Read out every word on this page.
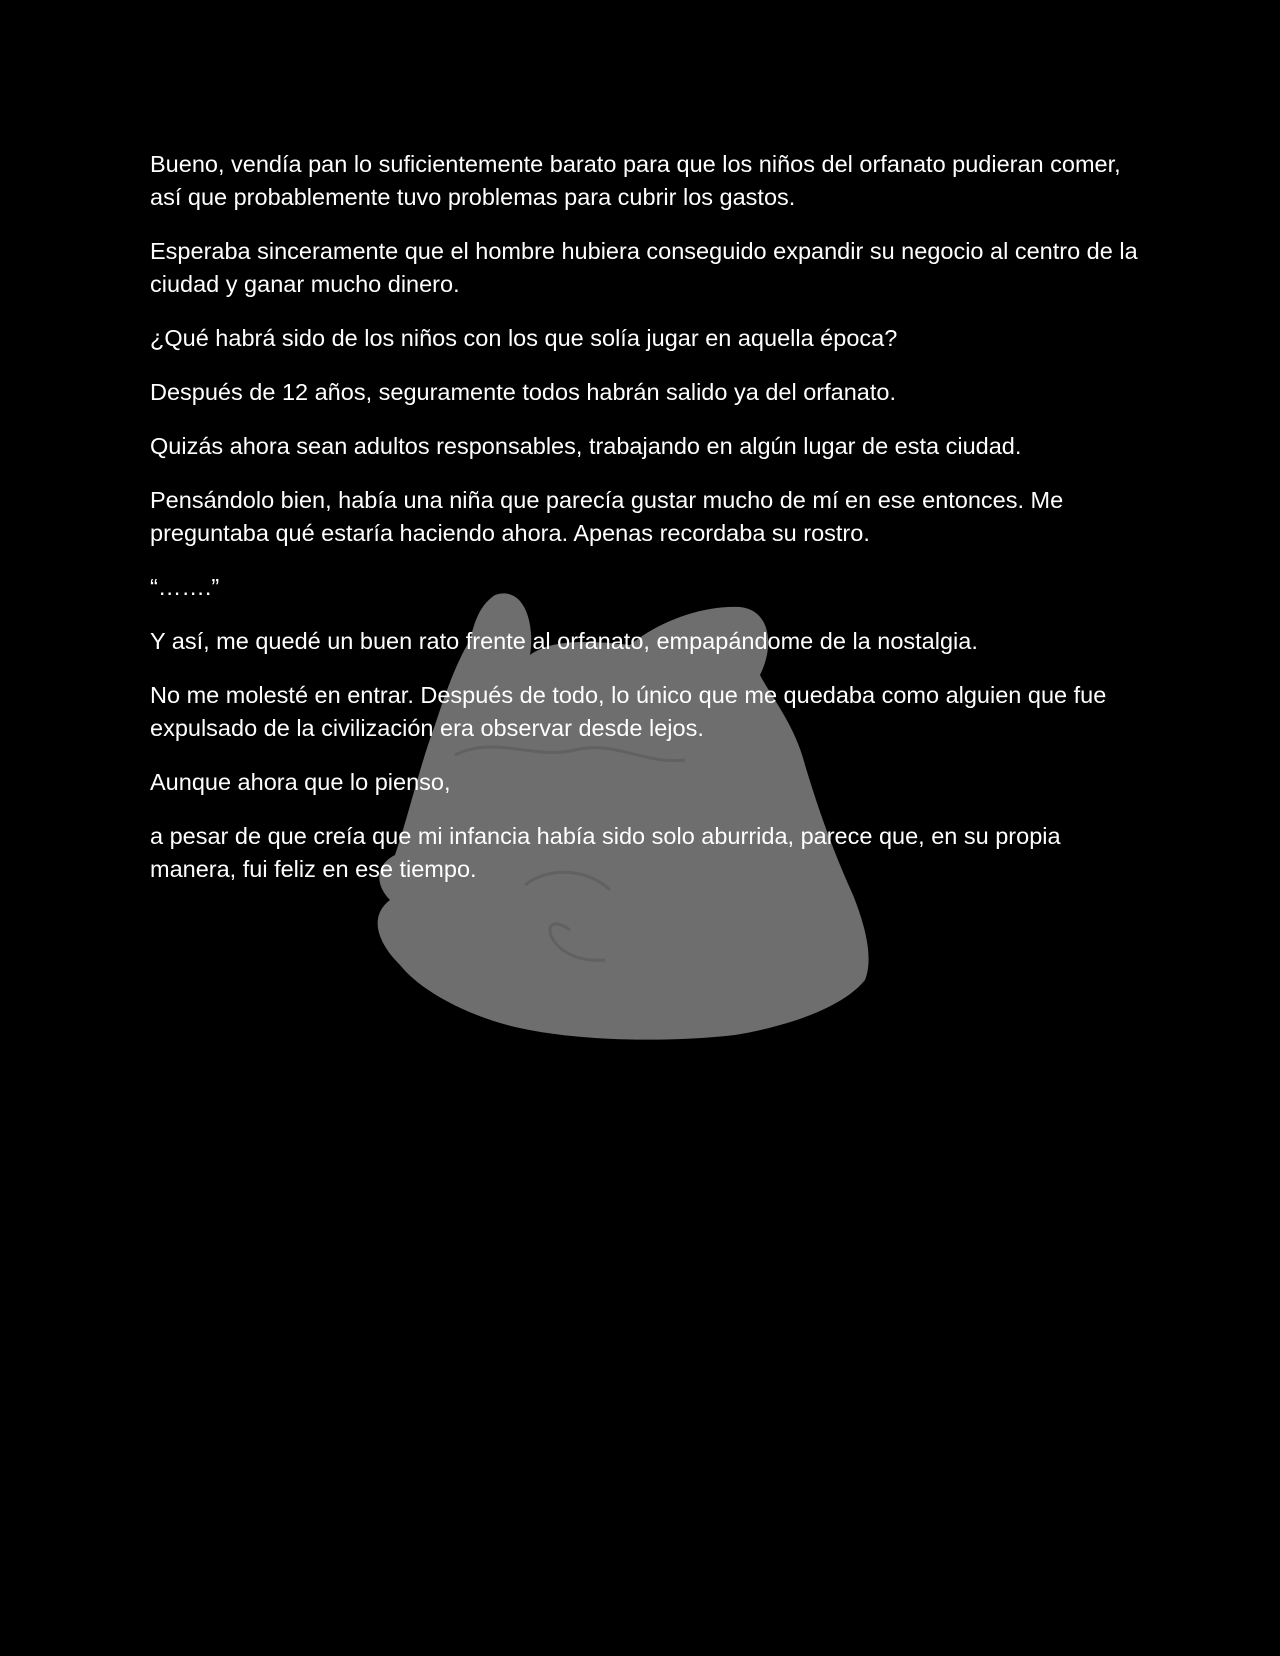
Bueno, vendía pan lo suficientemente barato para que los niños del orfanato pudieran comer, así que probablemente tuvo problemas para cubrir los gastos.

Esperaba sinceramente que el hombre hubiera conseguido expandir su negocio al centro de la ciudad y ganar mucho dinero.

¿Qué habrá sido de los niños con los que solía jugar en aquella época?

Después de 12 años, seguramente todos habrán salido ya del orfanato.

Quizás ahora sean adultos responsables, trabajando en algún lugar de esta ciudad.

Pensándolo bien, había una niña que parecía gustar mucho de mí en ese entonces. Me preguntaba qué estaría haciendo ahora. Apenas recordaba su rostro.

“…….”

Y así, me quedé un buen rato frente al orfanato, empapándome de la nostalgia.

No me molesté en entrar. Después de todo, lo único que me quedaba como alguien que fue expulsado de la civilización era observar desde lejos.

Aunque ahora que lo pienso,

a pesar de que creía que mi infancia había sido solo aburrida, parece que, en su propia manera, fui feliz en ese tiempo.
